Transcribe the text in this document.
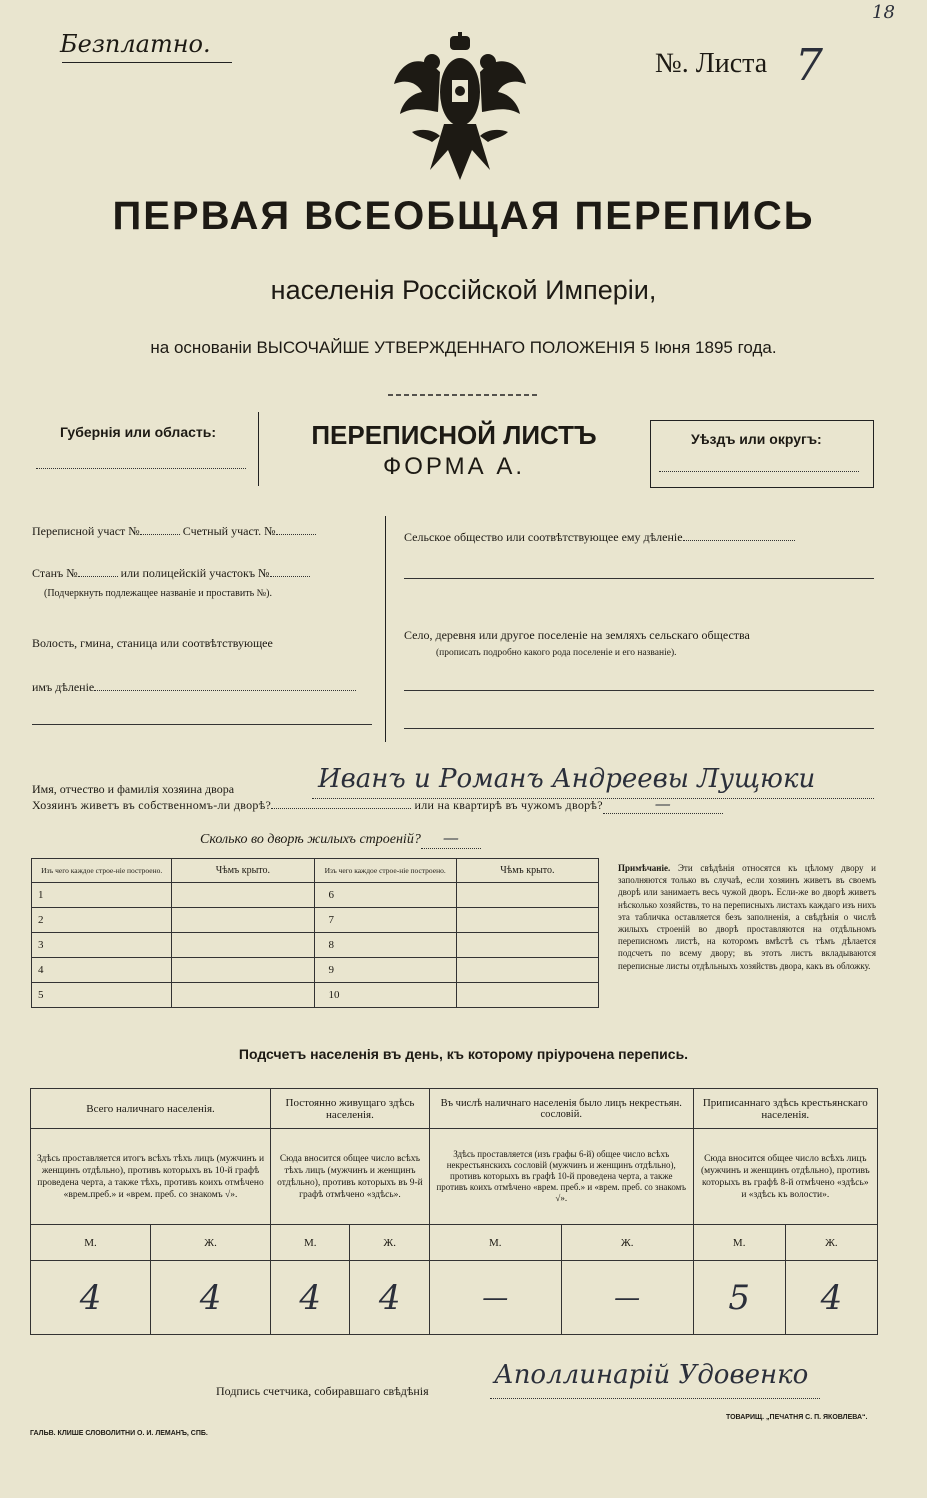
Безплатно.
№. Листа 7
18
ПЕРВАЯ ВСЕОБЩАЯ ПЕРЕПИСЬ
населенія Россійской Имперіи,
на основаніи ВЫСОЧАЙШЕ УТВЕРЖДЕННАГО ПОЛОЖЕНІЯ 5 Іюня 1895 года.
Губернія или область:	ПЕРЕПИСНОЙ ЛИСТЪ
ФОРМА А.
Уѣздъ или округъ:
Переписной участ №	Счетный участ. №
Станъ №	или полицейскій участокъ №
(Подчеркнуть подлежащее названіе и проставить №).
Волость, гмина, станица или соотвѣтствующее
имъ дѣленіе
Сельское общество или соотвѣтствующее ему дѣленіе
Село, деревня или другое поселеніе на земляхъ сельскаго общества
(прописать подробно какого рода поселеніе и его названіе).
Имя, отчество и фамилія хозяина двора	Иванъ и Романъ Андреевы Лущюки
Хозяинъ живетъ въ собственномъ-ли дворѣ?	или на квартирѣ въ чужомъ дворѣ?	—
Сколько во дворѣ жилыхъ строеній? —
Изъ чего каждое строе-ніе построено.	Чѣмъ крыто.	Изъ чего каждое строе-ніе построено.	Чѣмъ крыто.
1		6	
2		7	
3		8	
4		9	
5		10	
Примѣчаніе. Эти свѣдѣнія относятся къ цѣлому двору и заполняются только въ случаѣ, если хозяинъ живетъ въ своемъ дворѣ или занимаетъ весь чужой дворъ. Если-же во дворѣ живетъ нѣсколько хозяйствъ, то на переписныхъ листахъ каждаго изъ нихъ эта табличка оставляется безъ заполненія, а свѣдѣнія о числѣ жилыхъ строеній во дворѣ проставляются на отдѣльномъ переписномъ листѣ, на которомъ вмѣстѣ съ тѣмъ дѣлается подсчетъ по всему двору; въ этотъ листъ вкладываются переписные листы отдѣльныхъ хозяйствъ двора, какъ въ обложку.
Подсчетъ населенія въ день, къ которому пріурочена перепись.
Всего наличнаго населенія.		Постоянно живущаго здѣсь населенія.		Въ числѣ наличнаго населенія было лицъ некрестьян. сословій.		Приписаннаго здѣсь крестьянскаго населенія.	
Здѣсь проставляется итогъ всѣхъ тѣхъ лицъ (мужчинъ и женщинъ отдѣльно), противъ которыхъ въ 10-й графѣ проведена черта, а также тѣхъ, противъ коихъ отмѣчено «врем.преб.» и «врем. преб. со знакомъ √».		Сюда вносится общее число всѣхъ тѣхъ лицъ (мужчинъ и женщинъ отдѣльно), противъ которыхъ въ 9-й графѣ отмѣчено «здѣсь».		Здѣсь проставляется (изъ графы 6-й) общее число всѣхъ некрестьянскихъ сословій (мужчинъ и женщинъ отдѣльно), противъ которыхъ въ графѣ 10-й проведена черта, а также противъ коихъ отмѣчено «врем. преб.» и «врем. преб. со знакомъ √».		Сюда вносится общее число всѣхъ лицъ (мужчинъ и женщинъ отдѣльно), противъ которыхъ въ графѣ 8-й отмѣчено «здѣсь» и «здѣсь къ волости».	
М.	Ж.	М.	Ж.	М.	Ж.	М.	Ж.
4	4	4	4	—	—	5	4
Подпись счетчика, собиравшаго свѣдѣнія
Аполлинарій Удовенко
ГАЛЬВ. КЛИШЕ СЛОВОЛИТНИ О. И. ЛЕМАНЪ, СПБ.
ТОВАРИЩ. „ПЕЧАТНЯ С. П. ЯКОВЛЕВА“.
